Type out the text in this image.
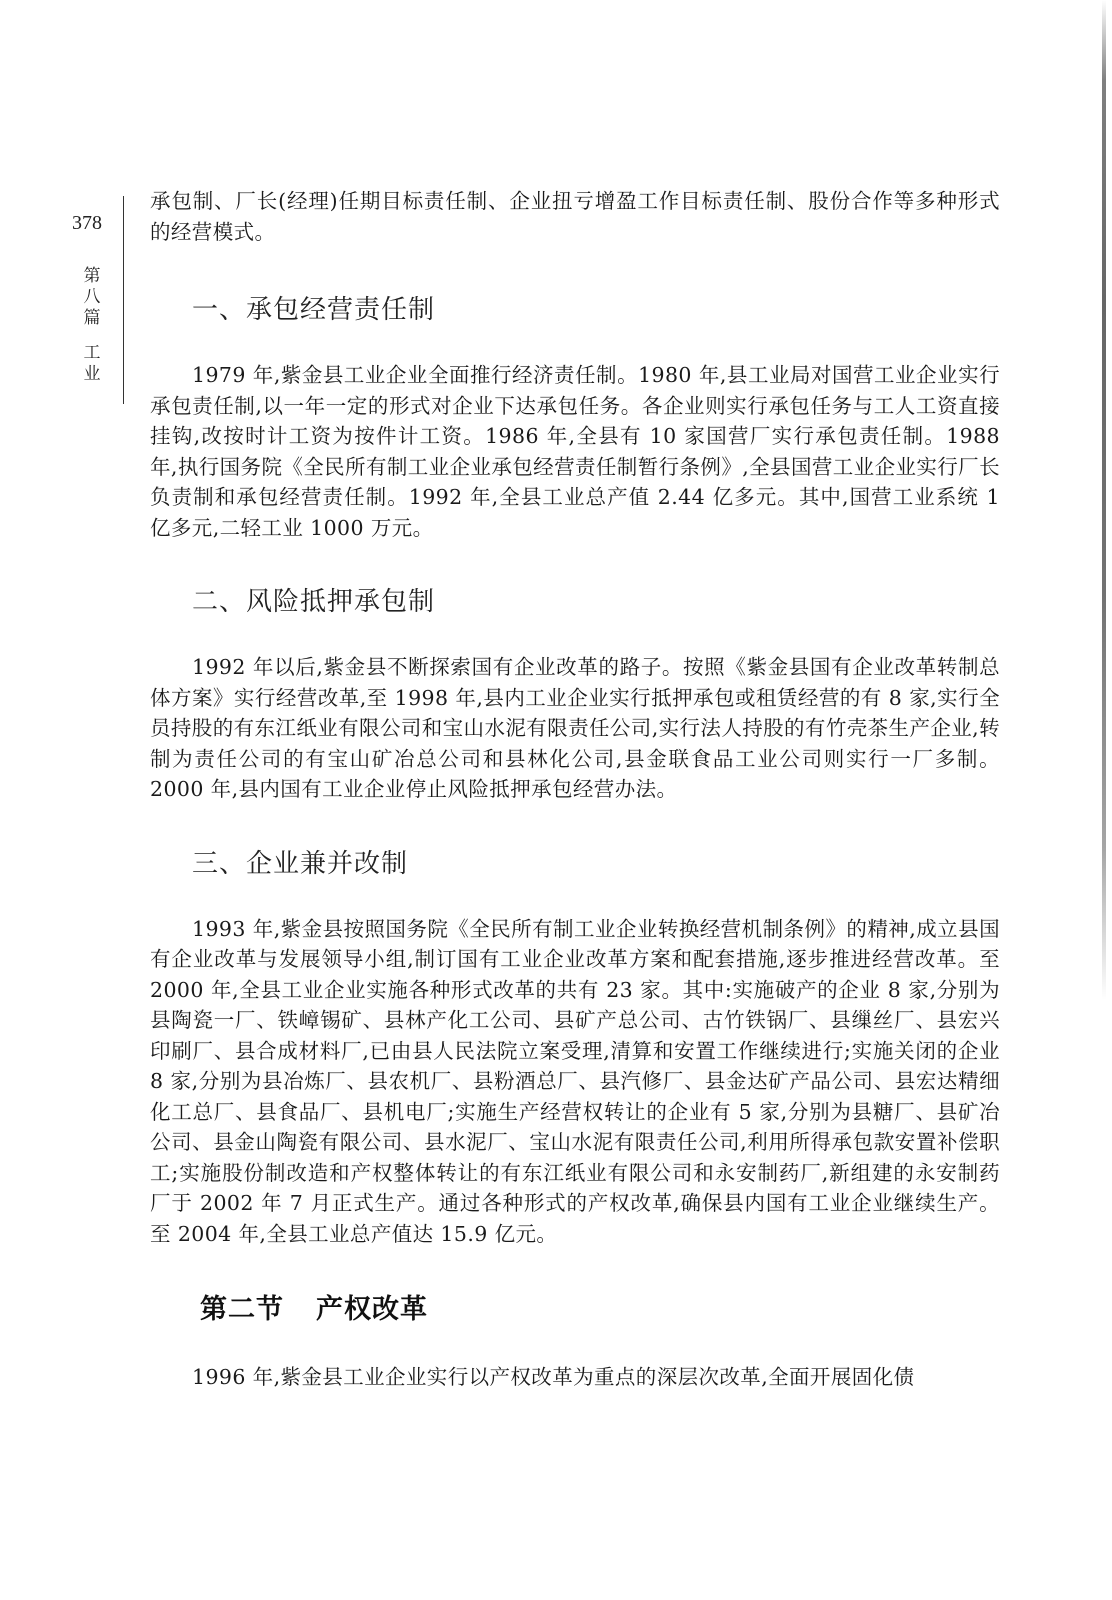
378
第
八
篇
工
业

承包制、厂长(经理)任期目标责任制、企业扭亏增盈工作目标责任制、股份合作等多种形式的经营模式。

一、承包经营责任制

1979 年,紫金县工业企业全面推行经济责任制。1980 年,县工业局对国营工业企业实行承包责任制,以一年一定的形式对企业下达承包任务。各企业则实行承包任务与工人工资直接挂钩,改按时计工资为按件计工资。1986 年,全县有 10 家国营厂实行承包责任制。1988 年,执行国务院《全民所有制工业企业承包经营责任制暂行条例》,全县国营工业企业实行厂长负责制和承包经营责任制。1992 年,全县工业总产值 2.44 亿多元。其中,国营工业系统 1 亿多元,二轻工业 1000 万元。

二、风险抵押承包制

1992 年以后,紫金县不断探索国有企业改革的路子。按照《紫金县国有企业改革转制总体方案》实行经营改革,至 1998 年,县内工业企业实行抵押承包或租赁经营的有 8 家,实行全员持股的有东江纸业有限公司和宝山水泥有限责任公司,实行法人持股的有竹壳茶生产企业,转制为责任公司的有宝山矿冶总公司和县林化公司,县金联食品工业公司则实行一厂多制。2000 年,县内国有工业企业停止风险抵押承包经营办法。

三、企业兼并改制

1993 年,紫金县按照国务院《全民所有制工业企业转换经营机制条例》的精神,成立县国有企业改革与发展领导小组,制订国有工业企业改革方案和配套措施,逐步推进经营改革。至 2000 年,全县工业企业实施各种形式改革的共有 23 家。其中:实施破产的企业 8 家,分别为县陶瓷一厂、铁嶂锡矿、县林产化工公司、县矿产总公司、古竹铁锅厂、县缫丝厂、县宏兴印刷厂、县合成材料厂,已由县人民法院立案受理,清算和安置工作继续进行;实施关闭的企业 8 家,分别为县冶炼厂、县农机厂、县粉酒总厂、县汽修厂、县金达矿产品公司、县宏达精细化工总厂、县食品厂、县机电厂;实施生产经营权转让的企业有 5 家,分别为县糖厂、县矿冶公司、县金山陶瓷有限公司、县水泥厂、宝山水泥有限责任公司,利用所得承包款安置补偿职工;实施股份制改造和产权整体转让的有东江纸业有限公司和永安制药厂,新组建的永安制药厂于 2002 年 7 月正式生产。通过各种形式的产权改革,确保县内国有工业企业继续生产。至 2004 年,全县工业总产值达 15.9 亿元。

第二节 产权改革

1996 年,紫金县工业企业实行以产权改革为重点的深层次改革,全面开展固化债
